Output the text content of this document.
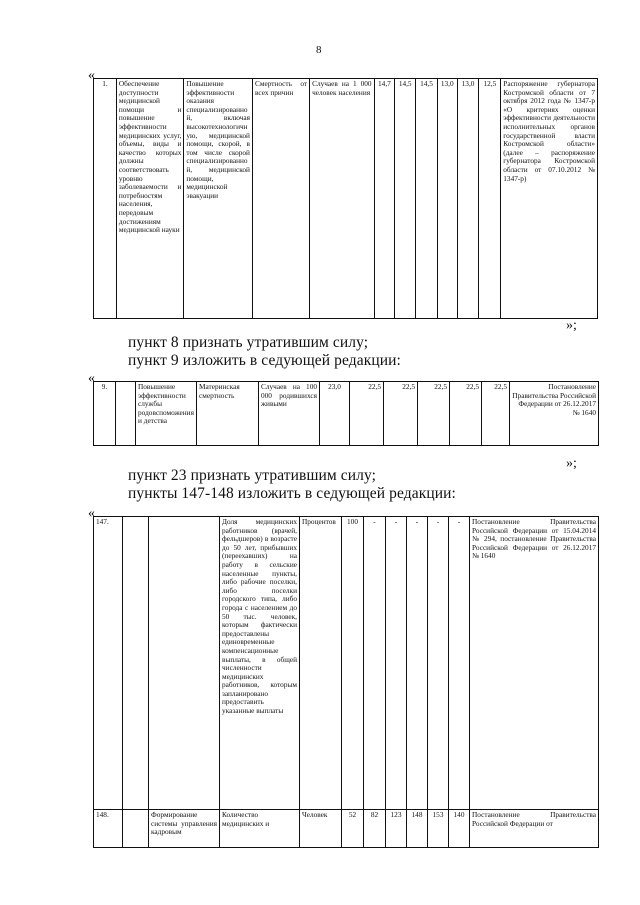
8
«
1.	Обеспечение доступности медицинской помощи и повышение эффективности медицинских услуг, объемы, виды и качество которых должны соответствовать уровню заболеваемости и потребностям населения, передовым достижениям медицинской науки	Повышение эффективности оказания специализированной, включая высокотехнологичную, медицинской помощи, скорой, в том числе скорой специализированной, медицинской помощи, медицинской эвакуации	Смертность от всех причин	Случаев на 1 000 человек населения	14,7	14,5	14,5	13,0	13,0	12,5	Распоряжение губернатора Костромской области от 7 октября 2012 года № 1347-р «О критериях оценки эффективности деятельности исполнительных органов государственной власти Костромской области» (далее – распоряжение губернатора Костромской области от 07.10.2012 № 1347-р)
»;
пункт 8 признать утратившим силу;
пункт 9 изложить в седующей редакции:
«
9.		Повышение эффективности службы родовспоможения и детства	Материнская смертность	Случаев на 100 000 родившихся живыми	23,0	22,5	22,5	22,5	22,5	22,5	Постановление Правительства Российской Федерации от 26.12.2017 № 1640
»;
пункт 23 признать утратившим силу;
пункты 147-148 изложить в седующей редакции:
«
147.			Доля медицинских работников (врачей, фельдшеров) в возрасте до 50 лет, прибывших (переехавших) на работу в сельские населенные пункты, либо рабочие поселки, либо поселки городского типа, либо города с населением до 50 тыс. человек, которым фактически предоставлены единовременные компенсационные выплаты, в общей численности медицинских работников, которым запланировано предоставить указанные выплаты	Процентов	100	-	-	-	-	-	Постановление Правительства Российской Федерации от 15.04.2014 № 294, постановление Правительства Российской Федерации от 26.12.2017 № 1640
148.		Формирование системы управления кадровым	Количество медицинских и	Человек	52	82	123	148	153	140	Постановление Правительства Российской Федерации от
